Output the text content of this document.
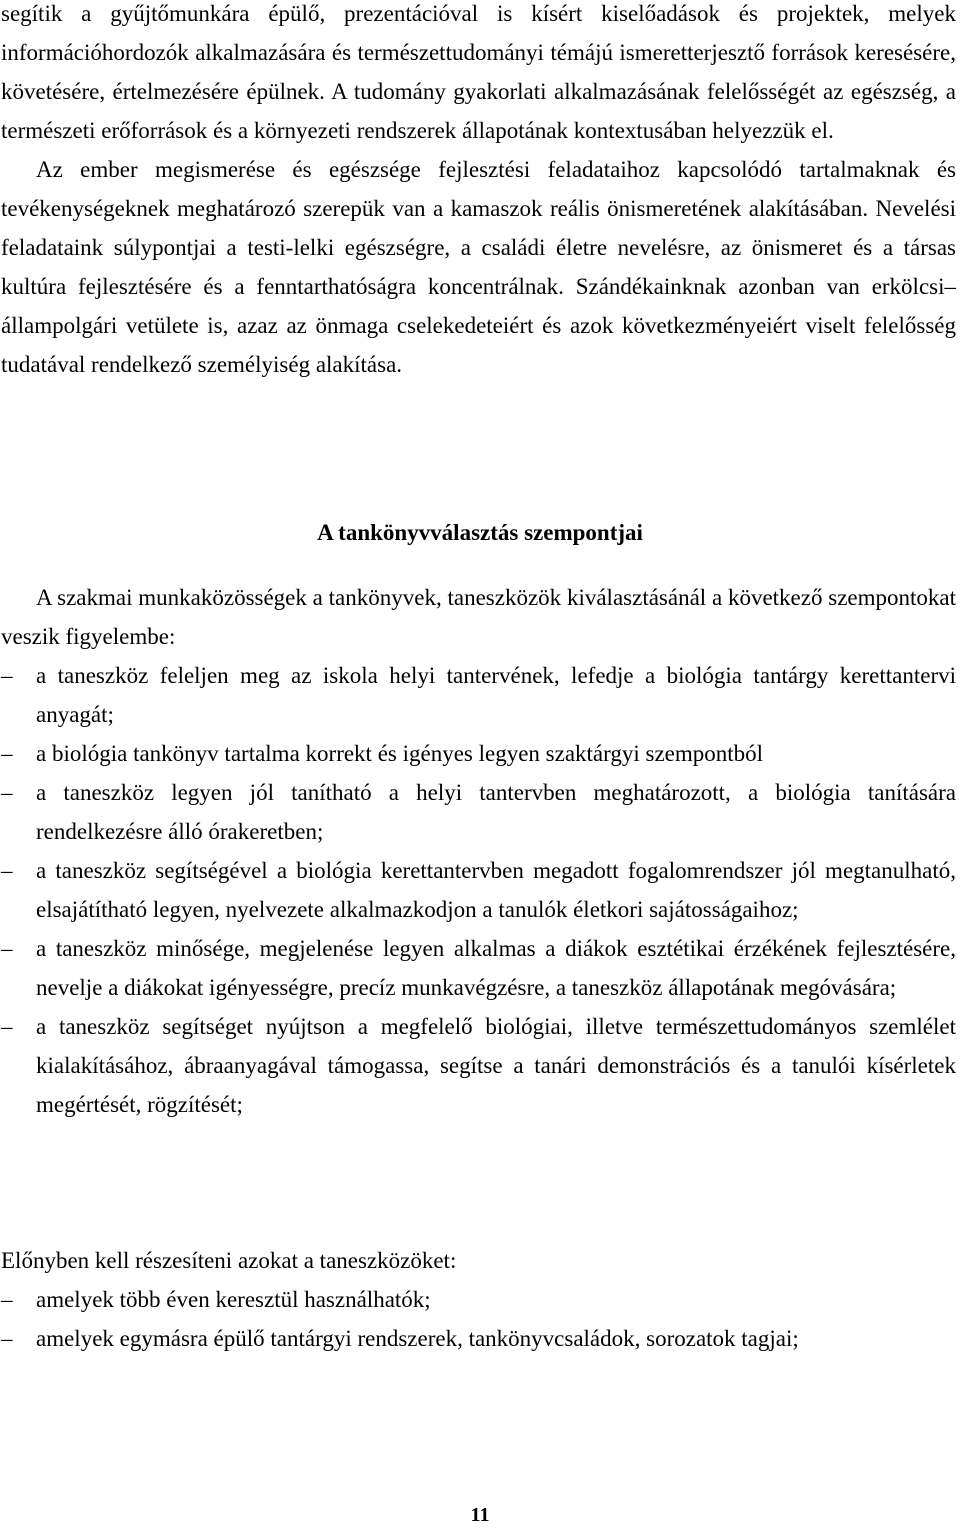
segítik a gyűjtőmunkára épülő, prezentációval is kísért kiselőadások és projektek, melyek információhordozók alkalmazására és természettudományi témájú ismeretterjesztő források keresésére, követésére, értelmezésére épülnek. A tudomány gyakorlati alkalmazásának felelősségét az egészség, a természeti erőforrások és a környezeti rendszerek állapotának kontextusában helyezzük el.
Az ember megismerése és egészsége fejlesztési feladataihoz kapcsolódó tartalmaknak és tevékenységeknek meghatározó szerepük van a kamaszok reális önismeretének alakításában. Nevelési feladataink súlypontjai a testi-lelki egészségre, a családi életre nevelésre, az önismeret és a társas kultúra fejlesztésére és a fenntarthatóságra koncentrálnak. Szándékainknak azonban van erkölcsi–állampolgári vetülete is, azaz az önmaga cselekedeteiért és azok következményeiért viselt felelősség tudatával rendelkező személyiség alakítása.

A tankönyvválasztás szempontjai

A szakmai munkaközösségek a tankönyvek, taneszközök kiválasztásánál a következő szempontokat veszik figyelembe:

–	a taneszköz feleljen meg az iskola helyi tantervének, lefedje a biológia tantárgy kerettantervi anyagát;
–	a biológia tankönyv tartalma korrekt és igényes legyen szaktárgyi szempontból
–	a taneszköz legyen jól tanítható a helyi tantervben meghatározott, a biológia tanítására rendelkezésre álló órakeretben;
–	a taneszköz segítségével a biológia kerettantervben megadott fogalomrendszer jól megtanulható, elsajátítható legyen, nyelvezete alkalmazkodjon a tanulók életkori sajátosságaihoz;
–	a taneszköz minősége, megjelenése legyen alkalmas a diákok esztétikai érzékének fejlesztésére, nevelje a diákokat igényességre, precíz munkavégzésre, a taneszköz állapotának megóvására;
–	a taneszköz segítséget nyújtson a megfelelő biológiai, illetve természettudományos szemlélet kialakításához, ábraanyagával támogassa, segítse a tanári demonstrációs és a tanulói kísérletek megértését, rögzítését;

Előnyben kell részesíteni azokat a taneszközöket:

–	amelyek több éven keresztül használhatók;
–	amelyek egymásra épülő tantárgyi rendszerek, tankönyvcsaládok, sorozatok tagjai;
11
